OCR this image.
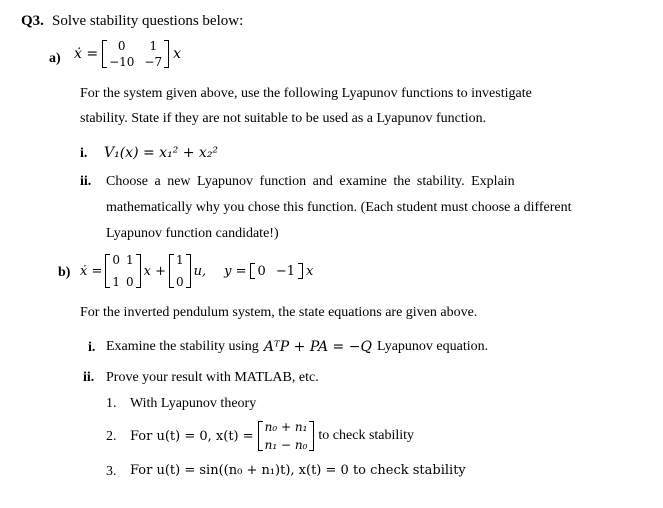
Q3. Solve stability questions below:
a) ẋ = 0
−10
1
−7 x
For the system given above, use the following Lyapunov functions to investigate
stability. State if they are not suitable to be used as a Lyapunov function.
i. V₁(x) = x₁² + x₂²
ii. Choose a new Lyapunov function and examine the stability. Explain
mathematically why you chose this function. (Each student must choose a different
Lyapunov function candidate!)
b) ẋ =
0
1
1
0
x +
1
0
u, y = 0 −1 x
For the inverted pendulum system, the state equations are given above.
i. Examine the stability using AᵀP + PA = −Q Lyapunov equation.
ii. Prove your result with MATLAB, etc.
1. With Lyapunov theory
2. For u(t) = 0, x(t) =
n₀ + n₁
n₁ − n₀
to check stability
3. For u(t) = sin((n₀ + n₁)t), x(t) = 0 to check stability
